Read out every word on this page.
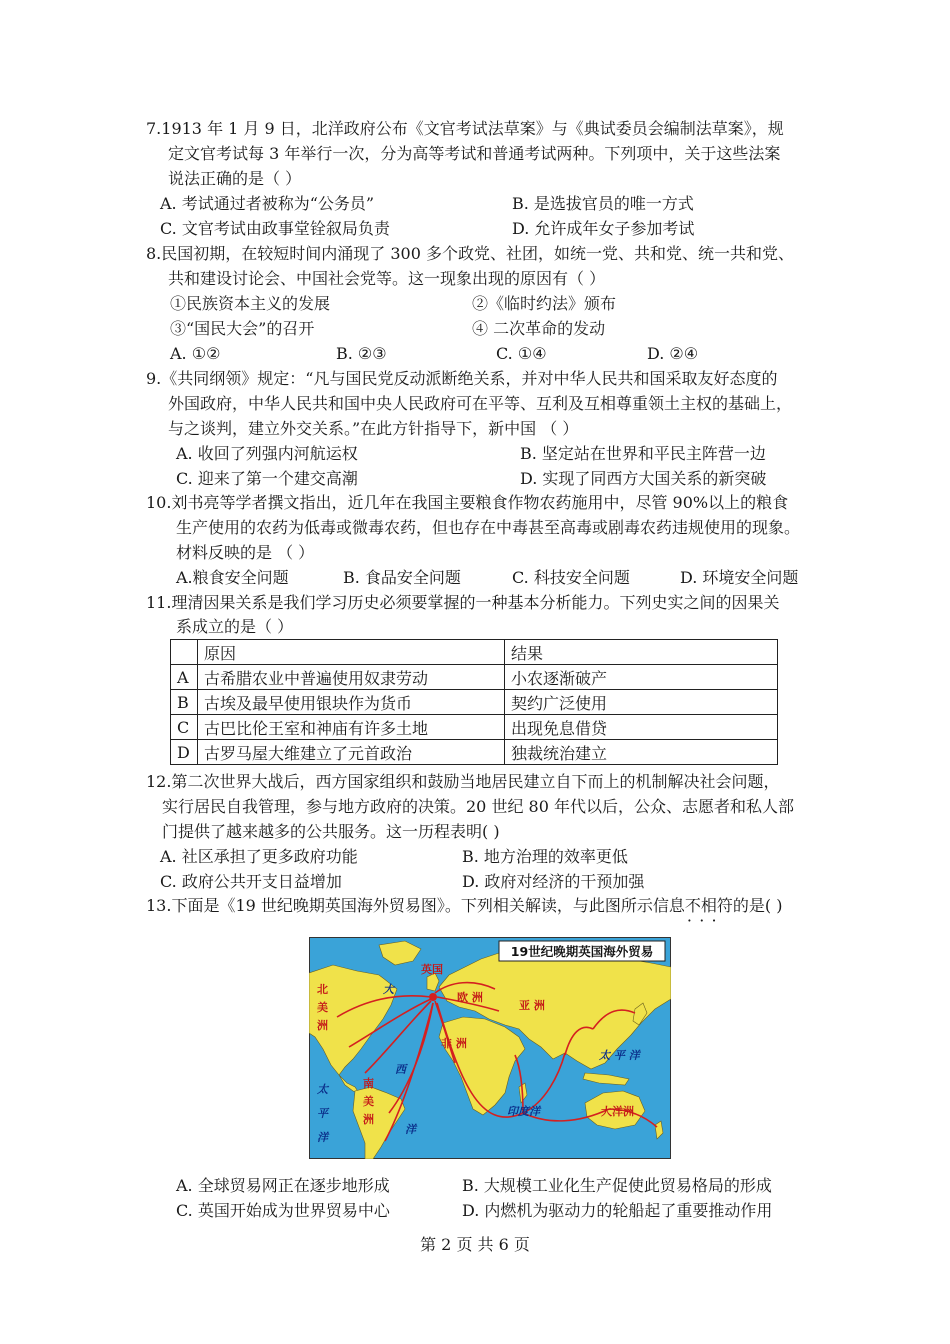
7.1913 年 1 月 9 日，北洋政府公布《文官考试法草案》与《典试委员会编制法草案》，规
定文官考试每 3 年举行一次，分为高等考试和普通考试两种。下列项中，关于这些法案
说法正确的是（ ）
A. 考试通过者被称为“公务员”	B. 是选拔官员的唯一方式
C. 文官考试由政事堂铨叙局负责	D. 允许成年女子参加考试
8.民国初期，在较短时间内涌现了 300 多个政党、社团，如统一党、共和党、统一共和党、
共和建设讨论会、中国社会党等。这一现象出现的原因有（ ）
①民族资本主义的发展	②《临时约法》颁布
③“国民大会”的召开	④ 二次革命的发动
A. ①②	B. ②③	C. ①④	D. ②④
9.《共同纲领》规定：“凡与国民党反动派断绝关系，并对中华人民共和国采取友好态度的
外国政府，中华人民共和国中央人民政府可在平等、互利及互相尊重领土主权的基础上，
与之谈判，建立外交关系。”在此方针指导下，新中国 （ ）
A. 收回了列强内河航运权	B. 坚定站在世界和平民主阵营一边
C. 迎来了第一个建交高潮	D. 实现了同西方大国关系的新突破
10.刘书亮等学者撰文指出，近几年在我国主要粮食作物农药施用中，尽管 90%以上的粮食
生产使用的农药为低毒或微毒农药，但也存在中毒甚至高毒或剧毒农药违规使用的现象。
材料反映的是 （ ）
A.粮食安全问题	B. 食品安全问题	C. 科技安全问题	D. 环境安全问题
11.理清因果关系是我们学习历史必须要掌握的一种基本分析能力。下列史实之间的因果关
系成立的是（ ）
	原因	结果
A	古希腊农业中普遍使用奴隶劳动	小农逐渐破产
B	古埃及最早使用银块作为货币	契约广泛使用
C	古巴比伦王室和神庙有许多土地	出现免息借贷
D	古罗马屋大维建立了元首政治	独裁统治建立
12.第二次世界大战后，西方国家组织和鼓励当地居民建立自下而上的机制解决社会问题，
实行居民自我管理，参与地方政府的决策。20 世纪 80 年代以后，公众、志愿者和私人部
门提供了越来越多的公共服务。这一历程表明( )
A. 社区承担了更多政府功能	B. 地方治理的效率更低
C. 政府公共开支日益增加	D. 政府对经济的干预加强
13.下面是《19 世纪晚期英国海外贸易图》。下列相关解读，与此图所示信息不相符 · · ·的是( )
19世纪晚期英国海外贸易
英国
北
美
洲
欧 洲
亚 洲
非 洲
南
美
洲
大洋洲
大
西
洋
太
平
洋
太 平 洋
印度洋
A. 全球贸易网正在逐步地形成	B. 大规模工业化生产促使此贸易格局的形成
C. 英国开始成为世界贸易中心	D. 内燃机为驱动力的轮船起了重要推动作用
第 2 页 共 6 页
